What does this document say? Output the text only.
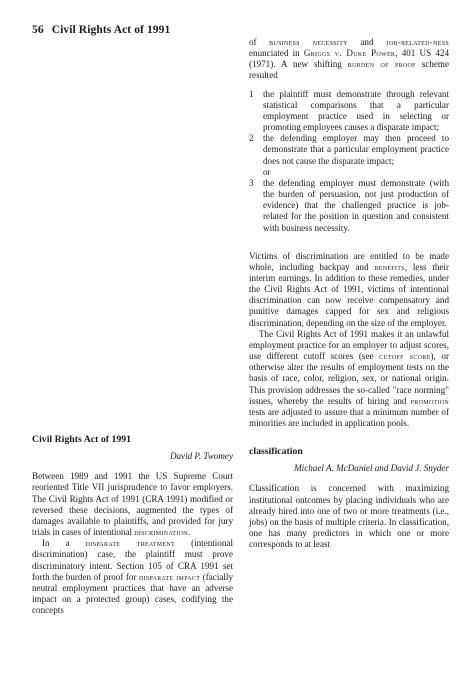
56 Civil Rights Act of 1991
Civil Rights Act of 1991
David P. Twomey

Between 1989 and 1991 the US Supreme Court reoriented Title VII jurisprudence to favor employers. The Civil Rights Act of 1991 (CRA 1991) modified or reversed these decisions, augmented the types of damages available to plaintiffs, and provided for jury trials in cases of intentional discrimination.

In a disparate treatment (intentional discrimination) case, the plaintiff must prove discriminatory intent. Section 105 of CRA 1991 set forth the burden of proof for disparate impact (facially neutral employment practices that have an adverse impact on a protected group) cases, codifying the concepts

of business necessity and job-related-ness enunciated in Griggs v. Duke Power, 401 US 424 (1971). A new shifting burden of proof scheme resulted

1 the plaintiff must demonstrate through relevant statistical comparisons that a particular employment practice used in selecting or promoting employees causes a disparate impact;
2 the defending employer may then proceed to demonstrate that a particular employment practice does not cause the disparate impact;
or
3 the defending employer must demonstrate (with the burden of persuasion, not just production of evidence) that the challenged practice is job-related for the position in question and consistent with business necessity.

Victims of discrimination are entitled to be made whole, including backpay and benefits, less their interim earnings. In addition to these remedies, under the Civil Rights Act of 1991, victims of intentional discrimination can now receive compensatory and punitive damages capped for sex and religious discrimination, depending on the size of the employer.

The Civil Rights Act of 1991 makes it an unlawful employment practice for an employer to adjust scores, use different cutoff scores (see cutoff score), or otherwise alter the results of employment tests on the basis of race, color, religion, sex, or national origin. This provision addresses the so-called "race norming" issues, whereby the results of hiring and promotion tests are adjusted to assure that a minimum number of minorities are included in application pools.

classification
Michael A. McDaniel and David J. Snyder

Classification is concerned with maximizing institutional outcomes by placing individuals who are already hired into one of two or more treatments (i.e., jobs) on the basis of multiple criteria. In classification, one has many predictors in which one or more corresponds to at least
